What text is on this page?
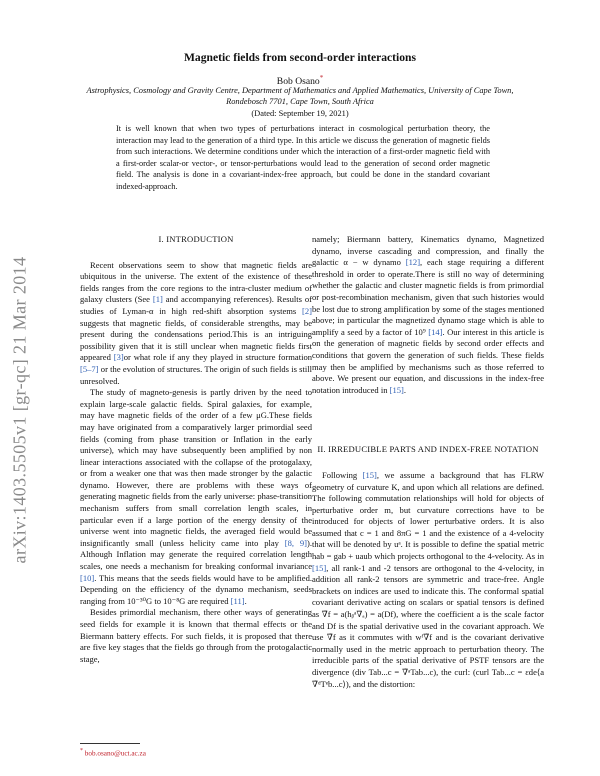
arXiv:1403.5505v1 [gr-qc] 21 Mar 2014
Magnetic fields from second-order interactions
Bob Osano*
Astrophysics, Cosmology and Gravity Centre, Department of Mathematics and Applied Mathematics, University of Cape Town, Rondebosch 7701, Cape Town, South Africa
(Dated: September 19, 2021)
It is well known that when two types of perturbations interact in cosmological perturbation theory, the interaction may lead to the generation of a third type. In this article we discuss the generation of magnetic fields from such interactions. We determine conditions under which the interaction of a first-order magnetic field with a first-order scalar-or vector-, or tensor-perturbations would lead to the generation of second order magnetic field. The analysis is done in a covariant-index-free approach, but could be done in the standard covariant indexed-approach.
I. INTRODUCTION

Recent observations seem to show that magnetic fields are ubiquitous in the universe. The extent of the existence of these fields ranges from the core regions to the intra-cluster medium of galaxy clusters (See [1] and accompanying references). Results of studies of Lyman-α in high red-shift absorption systems [2] suggests that magnetic fields, of considerable strengths, may be present during the condensations period.This is an intriguing possibility given that it is still unclear when magnetic fields first appeared [3]or what role if any they played in structure formation [5–7] or the evolution of structures. The origin of such fields is still unresolved.

The study of magneto-genesis is partly driven by the need to explain large-scale galactic fields. Spiral galaxies, for example, may have magnetic fields of the order of a few μG.These fields may have originated from a comparatively larger primordial seed fields (coming from phase transition or Inflation in the early universe), which may have subsequently been amplified by non linear interactions associated with the collapse of the protogalaxy, or from a weaker one that was then made stronger by the galactic dynamo. However, there are problems with these ways of generating magnetic fields from the early universe: phase-transition mechanism suffers from small correlation length scales, in particular even if a large portion of the energy density of the universe went into magnetic fields, the averaged field would be insignificantly small (unless helicity came into play [8, 9]). Although Inflation may generate the required correlation length scales, one needs a mechanism for breaking conformal invariance [10]. This means that the seeds fields would have to be amplified. Depending on the efficiency of the dynamo mechanism, seeds ranging from 10⁻³⁰G to 10⁻⁸G are required [11].

Besides primordial mechanism, there other ways of generating seed fields for example it is known that thermal effects or the Biermann battery effects. For such fields, it is proposed that there are five key stages that the fields go through from the protogalactic stage,

namely; Biermann battery, Kinematics dynamo, Magnetized dynamo, inverse cascading and compression, and finally the galactic α − w dynamo [12], each stage requiring a different threshold in order to operate.There is still no way of determining whether the galactic and cluster magnetic fields is from primordial or post-recombination mechanism, given that such histories would be lost due to strong amplification by some of the stages mentioned above; in particular the magnetized dynamo stage which is able to amplify a seed by a factor of 10⁹ [14]. Our interest in this article is on the generation of magnetic fields by second order effects and conditions that govern the generation of such fields. These fields may then be amplified by mechanisms such as those referred to above. We present our equation, and discussions in the index-free notation introduced in [15].

II. IRREDUCIBLE PARTS AND INDEX-FREE NOTATION

Following [15], we assume a background that has FLRW geometry of curvature K, and upon which all relations are defined. The following commutation relationships will hold for objects of perturbative order m, but curvature corrections have to be introduced for objects of lower perturbative orders. It is also assumed that c = 1 and 8πG = 1 and the existence of a 4-velocity that will be denoted by uᵃ. It is possible to define the spatial metric hab = gab + uaub which projects orthogonal to the 4-velocity. As in [15], all rank-1 and -2 tensors are orthogonal to the 4-velocity, in addition all rank-2 tensors are symmetric and trace-free. Angle brackets on indices are used to indicate this. The conformal spatial covariant derivative acting on scalars or spatial tensors is defined as ∇̃f = a(hᵦᵃ∇ₐ) = a(Df), where the coefficient a is the scale factor and Df is the spatial derivative used in the covariant approach. We use ∇̃f as it commutes with wᶠ∇̃f and is the covariant derivative normally used in the metric approach to perturbation theory. The irreducible parts of the spatial derivative of PSTF tensors are the divergence (div Tab...c = ∇̃ᵃTab...c), the curl: (curl Tab...c = εde⟨a ∇̃ᵈTᵉb...c⟩), and the distortion:

* bob.osano@uct.ac.za
